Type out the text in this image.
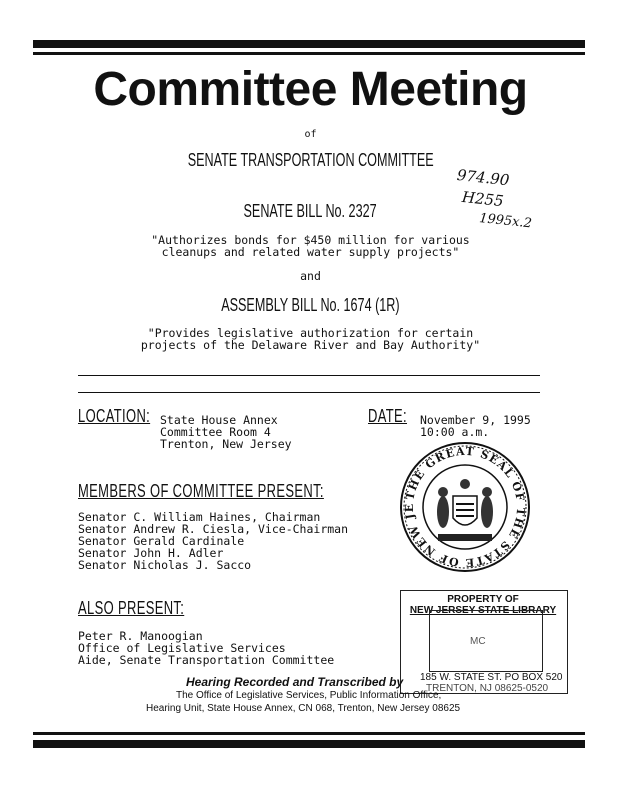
Committee Meeting
of
SENATE TRANSPORTATION COMMITTEE
974.90
H255
1995x.2
SENATE BILL No. 2327
"Authorizes bonds for $450 million for various
cleanups and related water supply projects"
and
ASSEMBLY BILL No. 1674 (1R)
"Provides legislative authorization for certain
projects of the Delaware River and Bay Authority"
LOCATION: State House Annex
Committee Room 4
Trenton, New Jersey
DATE: November 9, 1995
10:00 a.m.
THE GREAT SEAL OF THE STATE OF NEW JE
MEMBERS OF COMMITTEE PRESENT:
Senator C. William Haines, Chairman
Senator Andrew R. Ciesla, Vice-Chairman
Senator Gerald Cardinale
Senator John H. Adler
Senator Nicholas J. Sacco
ALSO PRESENT:
Peter R. Manoogian
Office of Legislative Services
Aide, Senate Transportation Committee
PROPERTY OF
NEW JERSEY STATE LIBRARY
MC
185 W. STATE ST. PO BOX 520
TRENTON, NJ 08625-0520
Hearing Recorded and Transcribed by
The Office of Legislative Services, Public Information Office,
Hearing Unit, State House Annex, CN 068, Trenton, New Jersey 08625
